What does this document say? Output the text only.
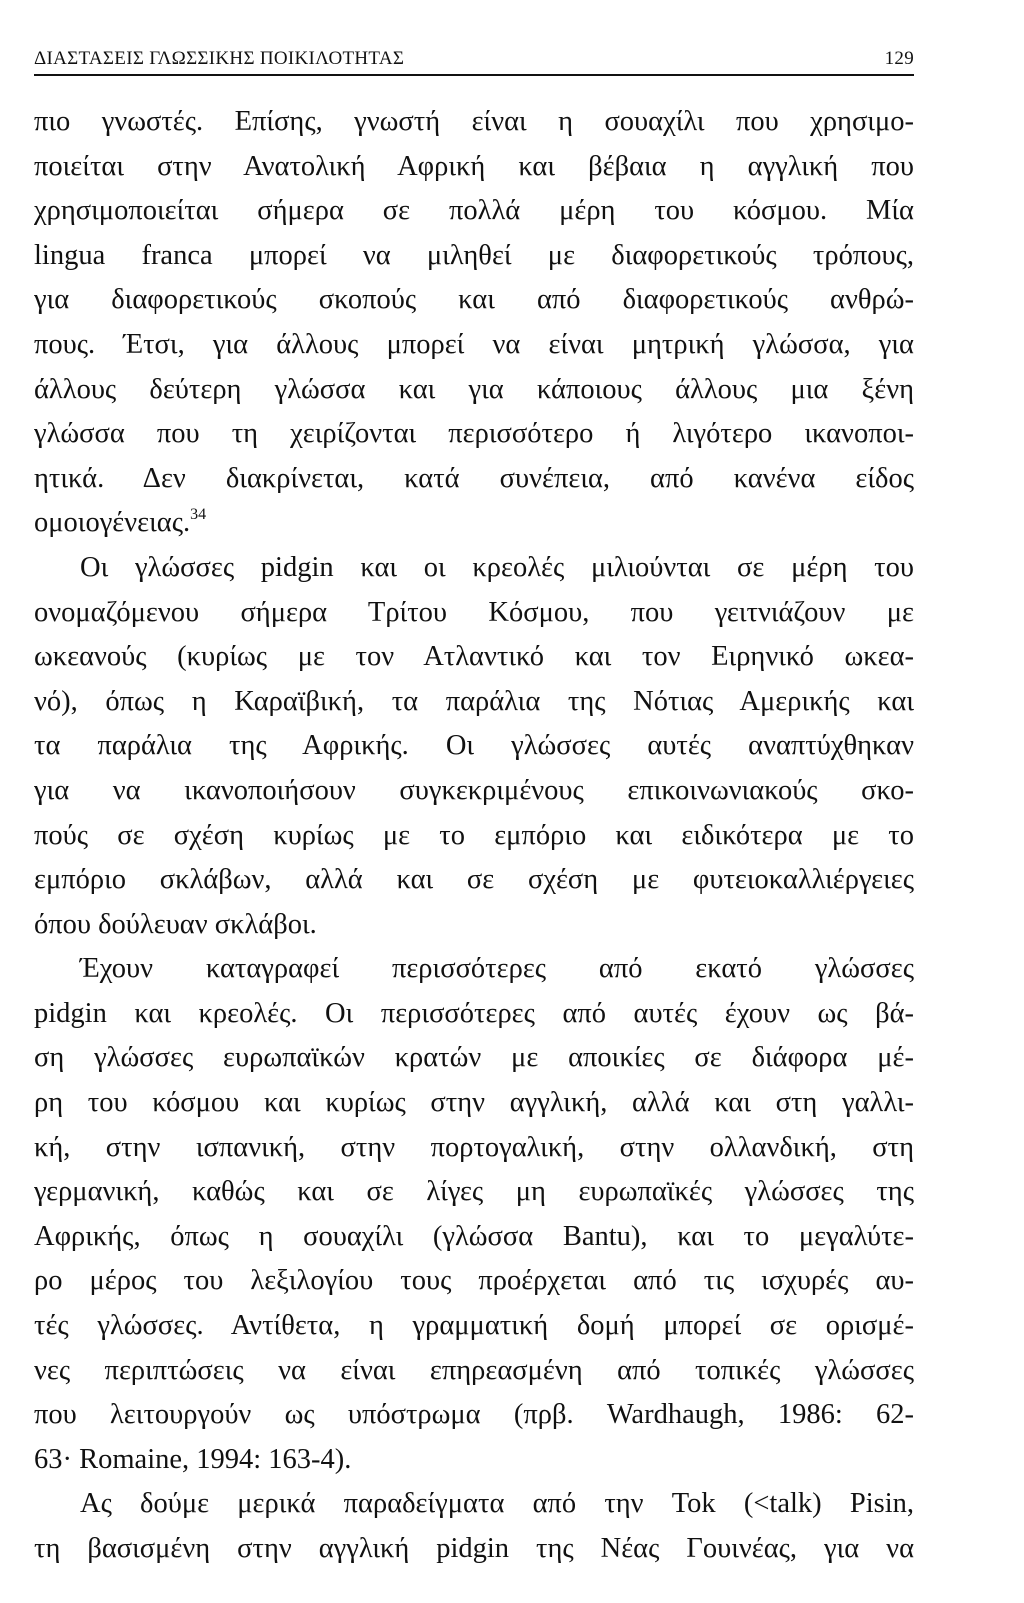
ΔΙΑΣΤΑΣΕΙΣ ΓΛΩΣΣΙΚΗΣ ΠΟΙΚΙΛΟΤΗΤΑΣ	129
πιο γνωστές. Επίσης, γνωστή είναι η σουαχίλι που χρησιμο-
ποιείται στην Ανατολική Αφρική και βέβαια η αγγλική που
χρησιμοποιείται σήμερα σε πολλά μέρη του κόσμου. Μία
lingua franca μπορεί να μιληθεί με διαφορετικούς τρόπους,
για διαφορετικούς σκοπούς και από διαφορετικούς ανθρώ-
πους. Έτσι, για άλλους μπορεί να είναι μητρική γλώσσα, για
άλλους δεύτερη γλώσσα και για κάποιους άλλους μια ξένη
γλώσσα που τη χειρίζονται περισσότερο ή λιγότερο ικανοποι-
ητικά. Δεν διακρίνεται, κατά συνέπεια, από κανένα είδος
ομοιογένειας.$^{34}$
Οι γλώσσες pidgin και οι κρεολές μιλιούνται σε μέρη του
ονομαζόμενου σήμερα Τρίτου Κόσμου, που γειτνιάζουν με
ωκεανούς (κυρίως με τον Ατλαντικό και τον Ειρηνικό ωκεα-
νό), όπως η Καραϊβική, τα παράλια της Νότιας Αμερικής και
τα παράλια της Αφρικής. Οι γλώσσες αυτές αναπτύχθηκαν
για να ικανοποιήσουν συγκεκριμένους επικοινωνιακούς σκο-
πούς σε σχέση κυρίως με το εμπόριο και ειδικότερα με το
εμπόριο σκλάβων, αλλά και σε σχέση με φυτειοκαλλιέργειες
όπου δούλευαν σκλάβοι.
Έχουν καταγραφεί περισσότερες από εκατό γλώσσες
pidgin και κρεολές. Οι περισσότερες από αυτές έχουν ως βά-
ση γλώσσες ευρωπαϊκών κρατών με αποικίες σε διάφορα μέ-
ρη του κόσμου και κυρίως στην αγγλική, αλλά και στη γαλλι-
κή, στην ισπανική, στην πορτογαλική, στην ολλανδική, στη
γερμανική, καθώς και σε λίγες μη ευρωπαϊκές γλώσσες της
Αφρικής, όπως η σουαχίλι (γλώσσα Bantu), και το μεγαλύτε-
ρο μέρος του λεξιλογίου τους προέρχεται από τις ισχυρές αυ-
τές γλώσσες. Αντίθετα, η γραμματική δομή μπορεί σε ορισμέ-
νες περιπτώσεις να είναι επηρεασμένη από τοπικές γλώσσες
που λειτουργούν ως υπόστρωμα (πρβ. Wardhaugh, 1986: 62-
63· Romaine, 1994: 163-4).
Ας δούμε μερικά παραδείγματα από την Tok (<talk) Pisin,
τη βασισμένη στην αγγλική pidgin της Νέας Γουινέας, για να
